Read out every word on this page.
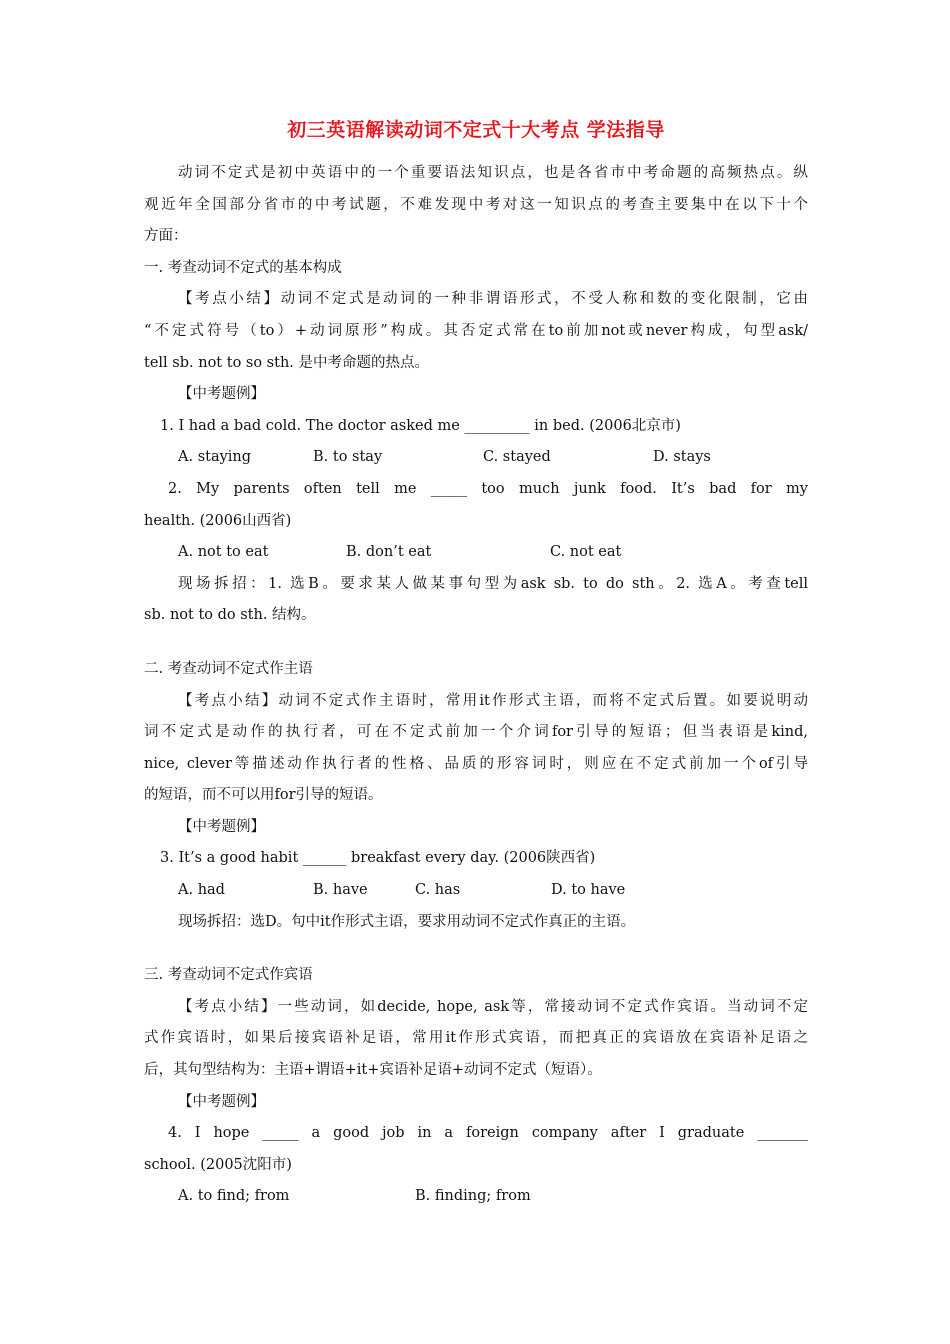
初三英语解读动词不定式十大考点 学法指导
动词不定式是初中英语中的一个重要语法知识点，也是各省市中考命题的高频热点。纵
观近年全国部分省市的中考试题，不难发现中考对这一知识点的考查主要集中在以下十个
方面：
一. 考查动词不定式的基本构成
【考点小结】动词不定式是动词的一种非谓语形式，不受人称和数的变化限制，它由
“不定式符号（to）+动词原形”构成。其否定式常在to前加not或never构成，句型ask/
tell sb. not to so sth. 是中考命题的热点。
【中考题例】
1. I had a bad cold. The doctor asked me _________ in bed. (2006北京市)
A. staying	B. to stay	C. stayed	D. stays
2. My parents often tell me _____ too much junk food. It’s bad for my
health. (2006山西省)
A. not to eat	B. don’t eat	C. not eat
现场拆招：1. 选B。要求某人做某事句型为ask sb. to do sth。2. 选A。考查tell
sb. not to do sth. 结构。
二. 考查动词不定式作主语
【考点小结】动词不定式作主语时，常用it作形式主语，而将不定式后置。如要说明动
词不定式是动作的执行者，可在不定式前加一个介词for引导的短语；但当表语是kind,
nice, clever等描述动作执行者的性格、品质的形容词时，则应在不定式前加一个of引导
的短语，而不可以用for引导的短语。
【中考题例】
3. It’s a good habit ______ breakfast every day. (2006陕西省)
A. had	B. have	C. has	D. to have
现场拆招：选D。句中it作形式主语，要求用动词不定式作真正的主语。
三. 考查动词不定式作宾语
【考点小结】一些动词，如decide, hope, ask等，常接动词不定式作宾语。当动词不定
式作宾语时，如果后接宾语补足语，常用it作形式宾语，而把真正的宾语放在宾语补足语之
后，其句型结构为：主语+谓语+it+宾语补足语+动词不定式（短语）。
【中考题例】
4. I hope _____ a good job in a foreign company after I graduate _______
school. (2005沈阳市)
A. to find; from	B. finding; from
